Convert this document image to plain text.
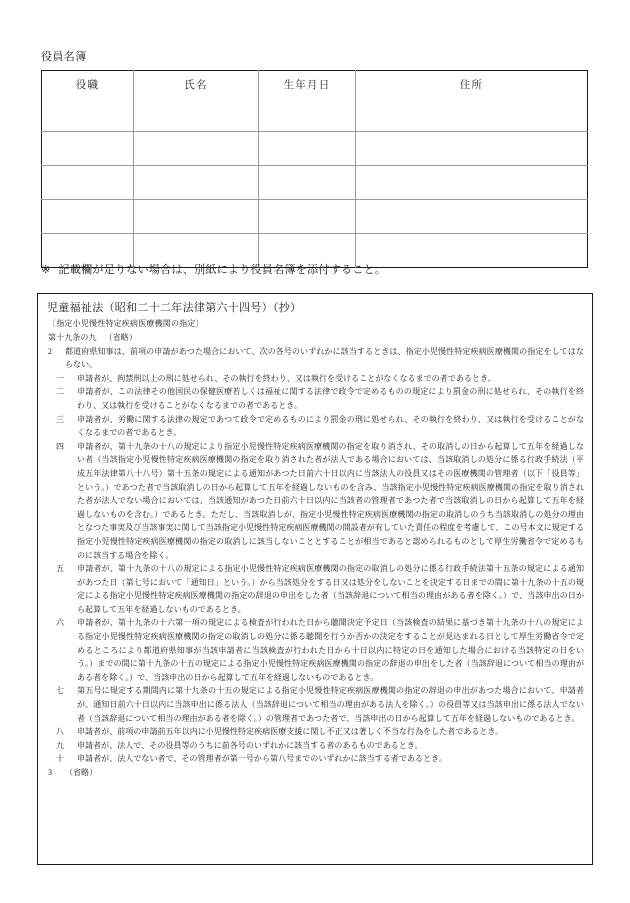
役員名簿
役職	氏名	生年月日	住所

※ 記載欄が足りない場合は、別紙により役員名簿を添付すること。
児童福祉法（昭和二十二年法律第六十四号）（抄）
〔指定小児慢性特定疾病医療機関の指定〕
第十九条の九 （省略）
2 都道府県知事は、前項の申請があつた場合において、次の各号のいずれかに該当するときは、指定小児慢性特定疾病医療機関の指定をしてはならない。
一 申請者が、拘禁刑以上の刑に処せられ、その執行を終わり、又は執行を受けることがなくなるまでの者であるとき。
二 申請者が、この法律その他国民の保健医療若しくは福祉に関する法律で政令で定めるものの規定により罰金の刑に処せられ、その執行を終わり、又は執行を受けることがなくなるまでの者であるとき。
三 申請者が、労働に関する法律の規定であつて政令で定めるものにより罰金の刑に処せられ、その執行を終わり、又は執行を受けることがなくなるまでの者であるとき。
四 申請者が、第十九条の十八の規定により指定小児慢性特定疾病医療機関の指定を取り消され、その取消しの日から起算して五年を経過しない者（当該指定小児慢性特定疾病医療機関の指定を取り消された者が法人である場合においては、当該取消しの処分に係る行政手続法（平成五年法律第八十八号）第十五条の規定による通知があつた日前六十日以内に当該法人の役員又はその医療機関の管理者（以下「役員等」という。）であつた者で当該取消しの日から起算して五年を経過しないものを含み、当該指定小児慢性特定疾病医療機関の指定を取り消された者が法人でない場合においては、当該通知があつた日前六十日以内に当該者の管理者であつた者で当該取消しの日から起算して五年を経過しないものを含む。）であるとき。ただし、当該取消しが、指定小児慢性特定疾病医療機関の指定の取消しのうち当該取消しの処分の理由となつた事実及び当該事実に関して当該指定小児慢性特定疾病医療機関の開設者が有していた責任の程度を考慮して、この号本文に規定する指定小児慢性特定疾病医療機関の指定の取消しに該当しないこととすることが相当であると認められるものとして厚生労働省令で定めるものに該当する場合を除く。
五 申請者が、第十九条の十八の規定による指定小児慢性特定疾病医療機関の指定の取消しの処分に係る行政手続法第十五条の規定による通知があつた日（第七号において「通知日」という。）から当該処分をする日又は処分をしないことを決定する日までの間に第十九条の十五の規定による指定小児慢性特定疾病医療機関の指定の辞退の申出をした者（当該辞退について相当の理由がある者を除く。）で、当該申出の日から起算して五年を経過しないものであるとき。
六 申請者が、第十九条の十六第一項の規定による検査が行われた日から聴聞決定予定日（当該検査の結果に基づき第十九条の十八の規定による指定小児慢性特定疾病医療機関の指定の取消しの処分に係る聴聞を行うか否かの決定をすることが見込まれる日として厚生労働省令で定めるところにより都道府県知事が当該申請者に当該検査が行われた日から十日以内に特定の日を通知した場合における当該特定の日をいう。）までの間に第十九条の十五の規定による指定小児慢性特定疾病医療機関の指定の辞退の申出をした者（当該辞退について相当の理由がある者を除く。）で、当該申出の日から起算して五年を経過しないものであるとき。
七 第五号に規定する期間内に第十九条の十五の規定による指定小児慢性特定疾病医療機関の指定の辞退の申出があつた場合において、申請者が、通知日前六十日以内に当該申出に係る法人（当該辞退について相当の理由がある法人を除く。）の役員等又は当該申出に係る法人でない者（当該辞退について相当の理由がある者を除く。）の管理者であつた者で、当該申出の日から起算して五年を経過しないものであるとき。
八 申請者が、前項の申請前五年以内に小児慢性特定疾病医療支援に関し不正又は著しく不当な行為をした者であるとき。
九 申請者が、法人で、その役員等のうちに前各号のいずれかに該当する者のあるものであるとき。
十 申請者が、法人でない者で、その管理者が第一号から第八号までのいずれかに該当する者であるとき。
3 （省略）
